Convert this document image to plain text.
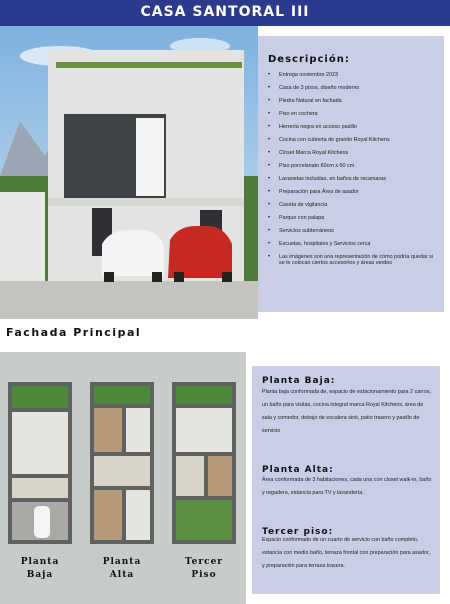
CASA SANTORAL III
Descripción:
• Entrega noviembre 2023
• Casa de 3 pisos, diseño moderno
• Piedra Natural en fachada
• Piso en cochera
• Herrería negra en acceso pasillo
• Cocina con cubierta de granito Royal Kitchens
• Closet Marca Royal Kitchens
• Piso porcelanato 60cm x 60 cm
• Lavanetas incluidas, en baños de recamaras
• Preparación para Área de asador
• Caseta de vigilancia
• Parque con palapa
• Servicios subterráneos
• Escuelas, hospitales y Servicios cerca
• Las imágenes son una representación de cómo podría quedar si se le colocan ciertos accesorios y áreas verdes
Fachada Principal
Planta
Baja
Planta
Alta
Tercer
Piso
Planta Baja:
Planta baja conformada de, espacio de estacionamiento para 2 carros, un baño para visitas, cocina integral marca Royal Kitchens, área de sala y comedor, debajo de escalera sink, patio trasero y pasillo de servicio
Planta Alta:
Área conformada de 3 habitaciones, cada una con closet walk-in, baño y regadera, estancia para TV y lavandería.
Tercer piso:
Espacio conformado de un cuarto de servicio con baño completo, estancia con medio baño, terraza frontal con preparación para asador, y preparación para terraza trasera.
